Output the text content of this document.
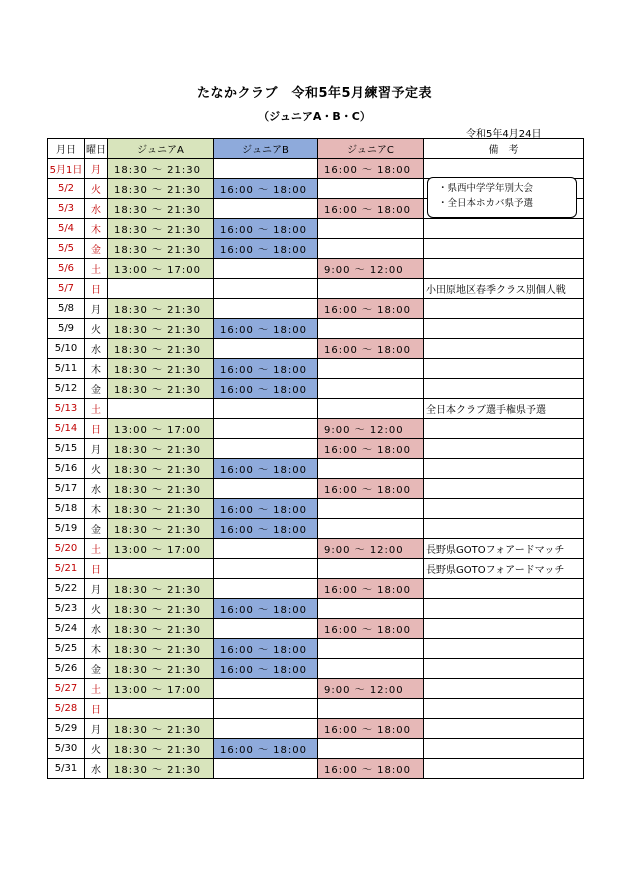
たなかクラブ　令和5年5月練習予定表
（ジュニアA・B・C）
令和5年4月24日
月日	曜日	ジュニアA	ジュニアB	ジュニアC	備　考
5月1日	月	18:30 ～ 21:30		16:00 ～ 18:00	
5/2	火	18:30 ～ 21:30	16:00 ～ 18:00		
5/3	水	18:30 ～ 21:30		16:00 ～ 18:00	
5/4	木	18:30 ～ 21:30	16:00 ～ 18:00		
5/5	金	18:30 ～ 21:30	16:00 ～ 18:00		
5/6	土	13:00 ～ 17:00		9:00 ～ 12:00	
5/7	日				小田原地区春季クラス別個人戦
5/8	月	18:30 ～ 21:30		16:00 ～ 18:00	
5/9	火	18:30 ～ 21:30	16:00 ～ 18:00		
5/10	水	18:30 ～ 21:30		16:00 ～ 18:00	
5/11	木	18:30 ～ 21:30	16:00 ～ 18:00		
5/12	金	18:30 ～ 21:30	16:00 ～ 18:00		
5/13	土				全日本クラブ選手権県予選
5/14	日	13:00 ～ 17:00		9:00 ～ 12:00	
5/15	月	18:30 ～ 21:30		16:00 ～ 18:00	
5/16	火	18:30 ～ 21:30	16:00 ～ 18:00		
5/17	水	18:30 ～ 21:30		16:00 ～ 18:00	
5/18	木	18:30 ～ 21:30	16:00 ～ 18:00		
5/19	金	18:30 ～ 21:30	16:00 ～ 18:00		
5/20	土	13:00 ～ 17:00		9:00 ～ 12:00	長野県GOTOフォアードマッチ
5/21	日				長野県GOTOフォアードマッチ
5/22	月	18:30 ～ 21:30		16:00 ～ 18:00	
5/23	火	18:30 ～ 21:30	16:00 ～ 18:00		
5/24	水	18:30 ～ 21:30		16:00 ～ 18:00	
5/25	木	18:30 ～ 21:30	16:00 ～ 18:00		
5/26	金	18:30 ～ 21:30	16:00 ～ 18:00		
5/27	土	13:00 ～ 17:00		9:00 ～ 12:00	
5/28	日				
5/29	月	18:30 ～ 21:30		16:00 ～ 18:00	
5/30	火	18:30 ～ 21:30	16:00 ～ 18:00		
5/31	水	18:30 ～ 21:30		16:00 ～ 18:00	
・県西中学学年別大会
・全日本ホカバ県予選
